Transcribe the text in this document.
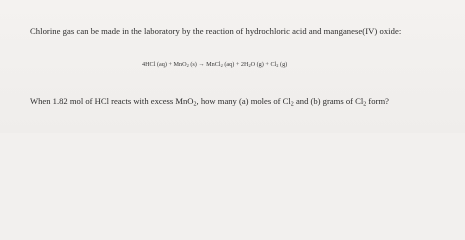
Chlorine gas can be made in the laboratory by the reaction of hydrochloric acid and manganese(IV) oxide:
4HCl (aq) + MnO$_2$ (s) → MnCl$_2$ $(aq) + 2H_2O$ $(g) + Cl_2$ (g)
When 1.82 mol of HCl reacts with excess MnO$_2$, how many (a) moles of $Cl_2$ and (b) grams of $Cl_2$ form?
